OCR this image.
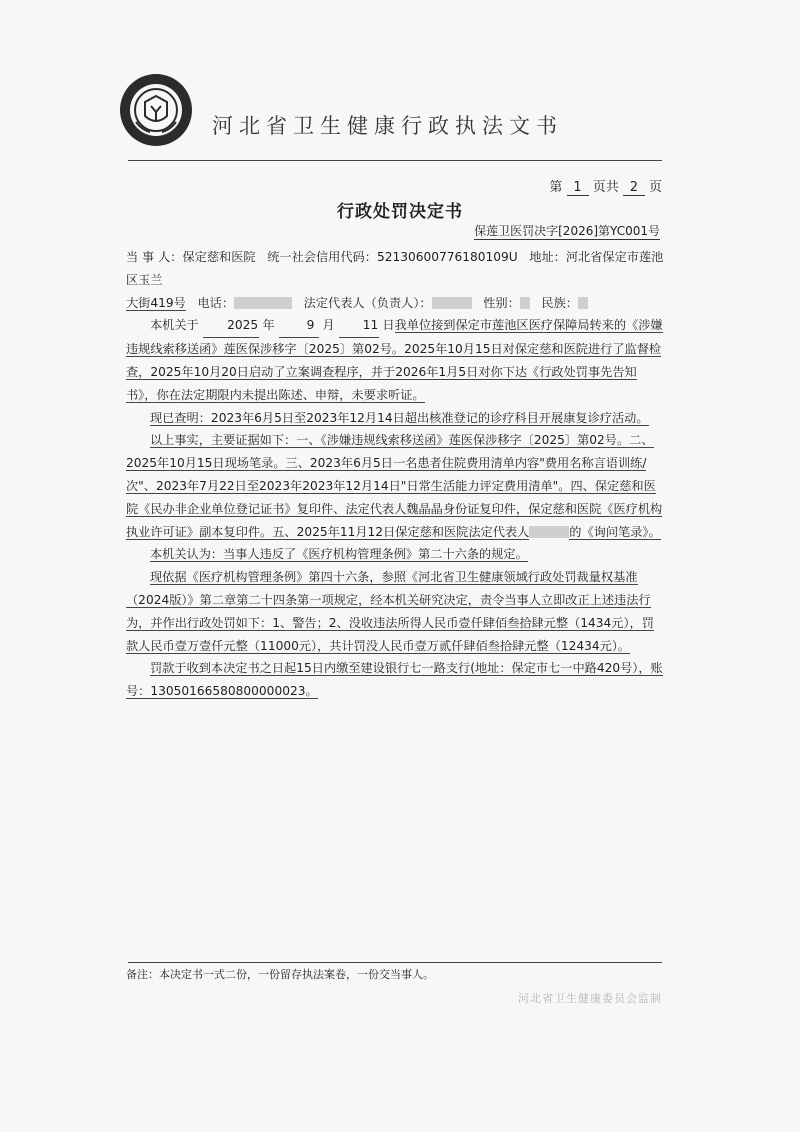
河北省卫生健康行政执法文书
第 1 页共 2 页
行政处罚决定书
保莲卫医罚决字[2026]第YC001号

当 事 人：保定慈和医院 统一社会信用代码：52130600776180109U 地址：河北省保定市莲池区玉兰
大街419号 电话：	法定代表人（负责人）：	性别： 民族：

本机关于 2025 年	9 月 11 日我单位接到保定市莲池区医疗保障局转来的《涉嫌违规线索移送函》莲医保涉移字〔2025〕第02号。2025年10月15日对保定慈和医院进行了监督检查，2025年10月20日启动了立案调查程序，并于2026年1月5日对你下达《行政处罚事先告知书》，你在法定期限内未提出陈述、申辩，未要求听证。

现已查明：2023年6月5日至2023年12月14日超出核准登记的诊疗科目开展康复诊疗活动。

以上事实，主要证据如下：一、《涉嫌违规线索移送函》莲医保涉移字〔2025〕第02号。二、2025年10月15日现场笔录。三、2023年6月5日一名患者住院费用清单内容"费用名称言语训练/次"、2023年7月22日至2023年2023年12月14日"日常生活能力评定费用清单"。四、保定慈和医院《民办非企业单位登记证书》复印件、法定代表人魏晶晶身份证复印件，保定慈和医院《医疗机构执业许可证》副本复印件。五、2025年11月12日保定慈和医院法定代表人	的《询问笔录》。

本机关认为：当事人违反了《医疗机构管理条例》第二十六条的规定。

现依据《医疗机构管理条例》第四十六条，参照《河北省卫生健康领域行政处罚裁量权基准（2024版）》第二章第二十四条第一项规定，经本机关研究决定，责令当事人立即改正上述违法行为，并作出行政处罚如下：1、警告；2、没收违法所得人民币壹仟肆佰叁拾肆元整（1434元），罚款人民币壹万壹仟元整（11000元），共计罚没人民币壹万贰仟肆佰叁拾肆元整（12434元）。

罚款于收到本决定书之日起15日内缴至建设银行七一路支行(地址：保定市七一中路420号），账号：13050166580800000023。

备注：本决定书一式二份，一份留存执法案卷，一份交当事人。
河北省卫生健康委员会监制
